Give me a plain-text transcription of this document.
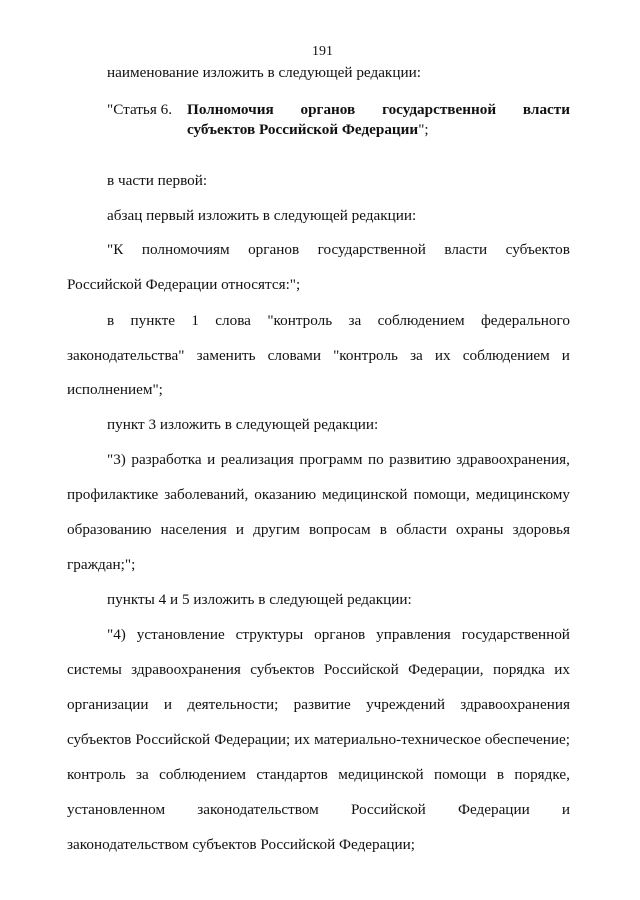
191
наименование изложить в следующей редакции:
"Статья 6. Полномочия органов государственной власти
субъектов Российской Федерации";
в части первой:
абзац первый изложить в следующей редакции:
"К полномочиям органов государственной власти субъектов
Российской Федерации относятся:";
в пункте 1 слова "контроль за соблюдением федерального
законодательства" заменить словами "контроль за их соблюдением и
исполнением";
пункт 3 изложить в следующей редакции:
"3) разработка и реализация программ по развитию здравоохранения,
профилактике заболеваний, оказанию медицинской помощи, медицинскому
образованию населения и другим вопросам в области охраны здоровья
граждан;";
пункты 4 и 5 изложить в следующей редакции:
"4) установление структуры органов управления государственной
системы здравоохранения субъектов Российской Федерации, порядка их
организации и деятельности; развитие учреждений здравоохранения
субъектов Российской Федерации; их материально-техническое обеспечение;
контроль за соблюдением стандартов медицинской помощи в порядке,
установленном законодательством Российской Федерации и
законодательством субъектов Российской Федерации;
